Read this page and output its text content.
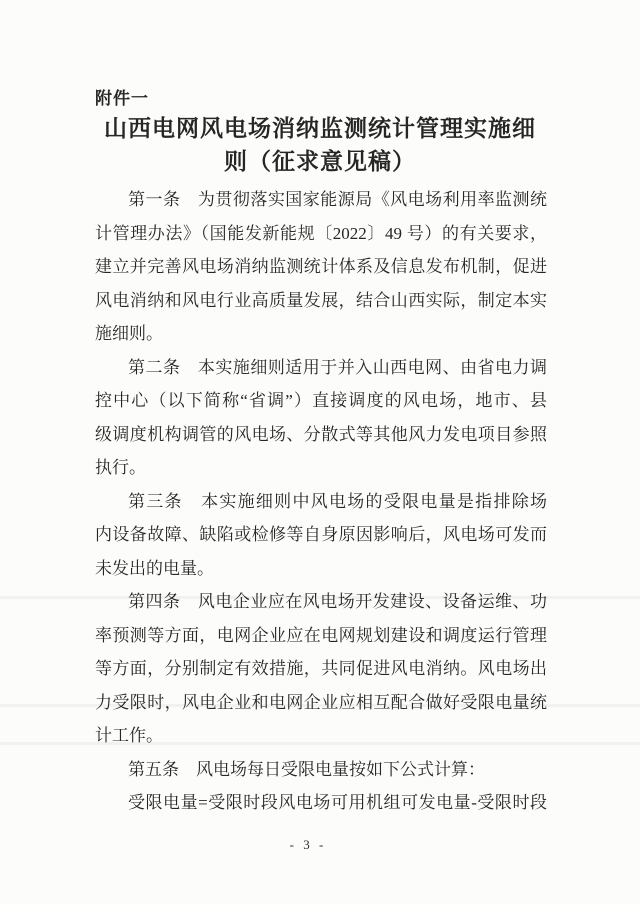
附件一
山西电网风电场消纳监测统计管理实施细
则（征求意见稿）
第一条　为贯彻落实国家能源局《风电场利用率监测统
计管理办法》（国能发新能规〔2022〕49 号）的有关要求，
建立并完善风电场消纳监测统计体系及信息发布机制，促进
风电消纳和风电行业高质量发展，结合山西实际，制定本实
施细则。
第二条　本实施细则适用于并入山西电网、由省电力调
控中心（以下简称“省调”）直接调度的风电场，地市、县
级调度机构调管的风电场、分散式等其他风力发电项目参照
执行。
第三条　本实施细则中风电场的受限电量是指排除场
内设备故障、缺陷或检修等自身原因影响后，风电场可发而
未发出的电量。
第四条　风电企业应在风电场开发建设、设备运维、功
率预测等方面，电网企业应在电网规划建设和调度运行管理
等方面，分别制定有效措施，共同促进风电消纳。风电场出
力受限时，风电企业和电网企业应相互配合做好受限电量统
计工作。
第五条　风电场每日受限电量按如下公式计算：
受限电量=受限时段风电场可用机组可发电量-受限时段
- 3 -
